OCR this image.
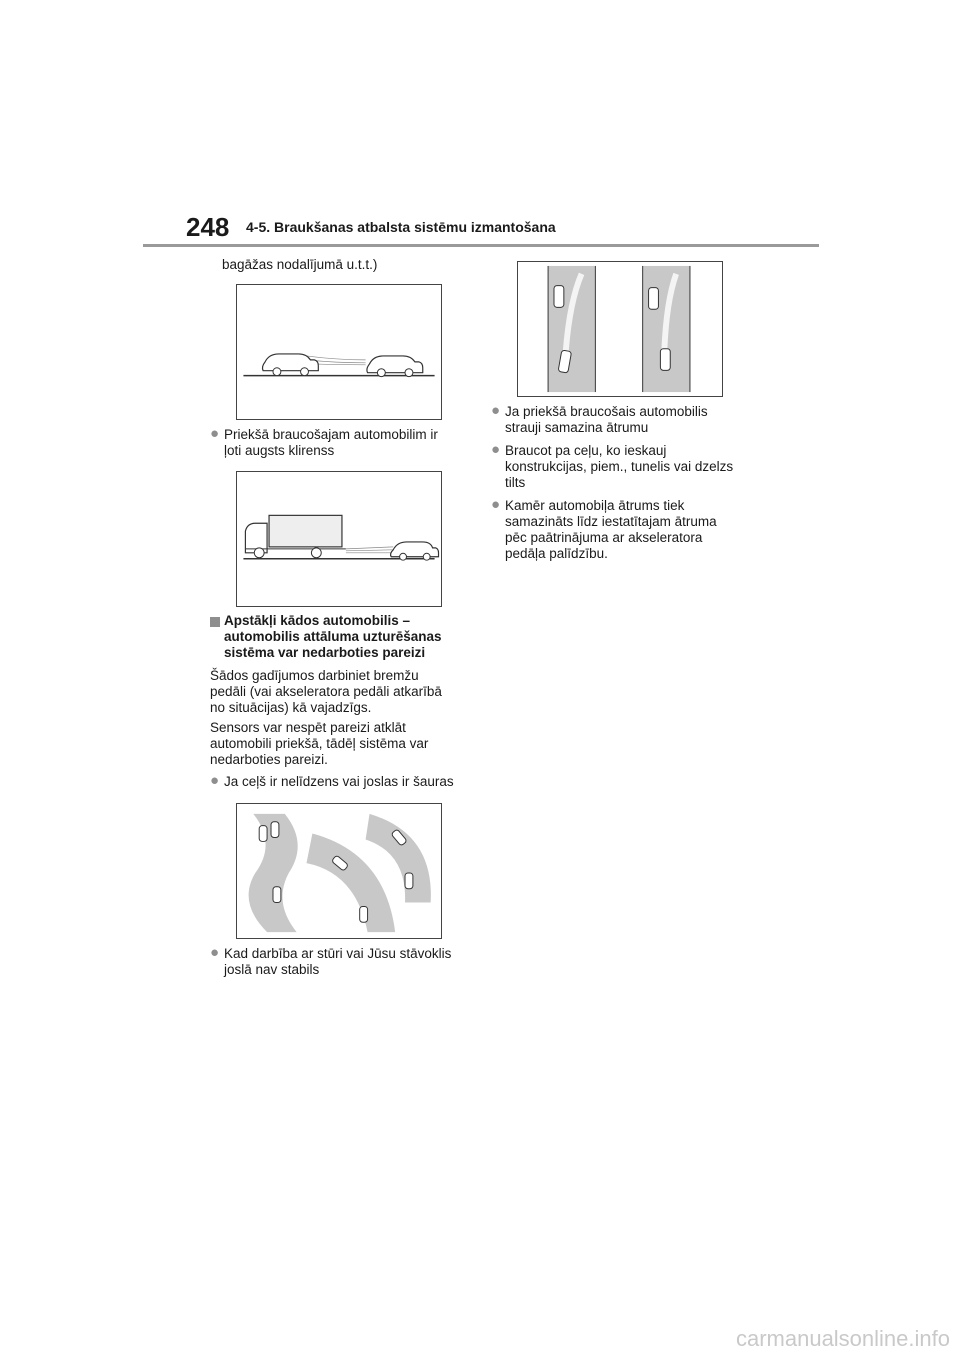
248 4-5. Braukšanas atbalsta sistēmu izmantošana
bagāžas nodalījumā u.t.t.)
● Priekšā braucošajam automobilim ir
ļoti augsts klirenss
Apstākļi kādos automobilis –
automobilis attāluma uzturēšanas
sistēma var nedarboties pareizi
Šādos gadījumos darbiniet bremžu
pedāli (vai akseleratora pedāli atkarībā
no situācijas) kā vajadzīgs.
Sensors var nespēt pareizi atklāt
automobili priekšā, tādēļ sistēma var
nedarboties pareizi.
● Ja ceļš ir nelīdzens vai joslas ir šauras
● Kad darbība ar stūri vai Jūsu stāvoklis
joslā nav stabils
● Ja priekšā braucošais automobilis
strauji samazina ātrumu
● Braucot pa ceļu, ko ieskauj
konstrukcijas, piem., tunelis vai dzelzs
tilts
● Kamēr automobiļa ātrums tiek
samazināts līdz iestatītajam ātruma
pēc paātrinājuma ar akseleratora
pedāļa palīdzību.
carmanualsonline.info
